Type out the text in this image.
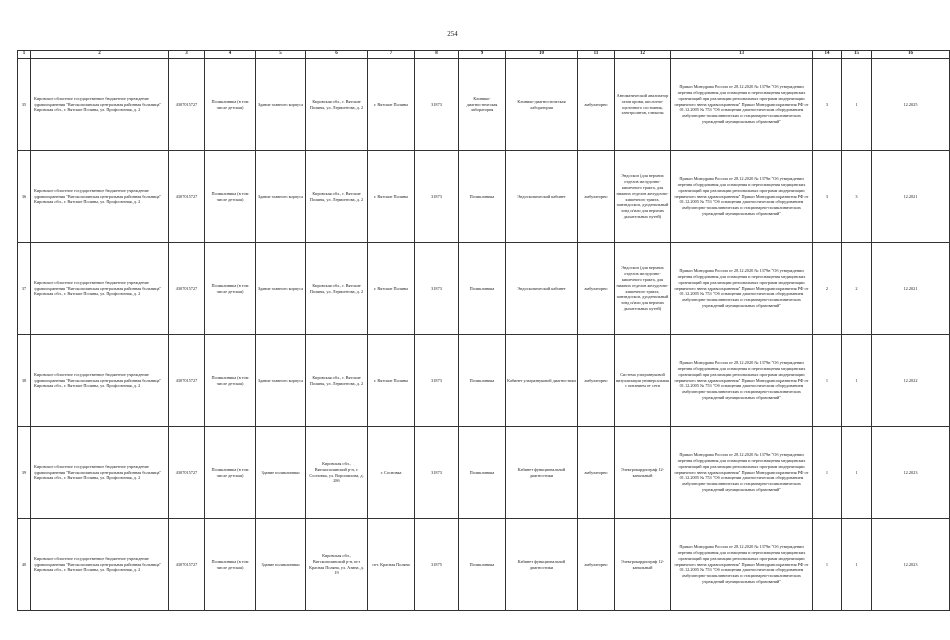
254
1	2	3	4	5	6	7	8	9	10	11	12	13	14	15	16
35	Кировское областное государственное бюджетное учреждение здравоохранения "Вятскополянская центральная районная больница" Кировская обл., г. Вятские Поляны, ул. Профсоюзная, д. 2	4307015727	Поликлиника (в том числе детская)	Здание главного корпуса	Кировская обл., г. Вятские Поляны, ул. Лермонтова, д. 2	г. Вятские Поляны	31873	Клинико-диагностическая лаборатория	Клинико-диагностическая лаборатория	амбулаторно	Автоматический анализатор газов крови, кислотно-щелочного состояния, электролитов, глюкозы	Приказ Минздрава России от 28.12.2020 № 1379н "Об утверждении перечня оборудования для оснащения и переоснащения медицинских организаций при реализации региональных программ модернизации первичного звена здравоохранения" Приказ Минздравсоцразвития РФ от 01.12.2005 № 753 "Об оснащении диагностическим оборудованием амбулаторно-поликлинических и стационарно-поликлинических учреждений муниципальных образований"	3	1	12.2025
36	Кировское областное государственное бюджетное учреждение здравоохранения "Вятскополянская центральная районная больница" Кировская обл., г. Вятские Поляны, ул. Профсоюзная, д. 2	4307015727	Поликлиника (в том числе детская)	Здание главного корпуса	Кировская обл., г. Вятские Поляны, ул. Лермонтова, д. 2	г. Вятские Поляны	31873	Поликлиника	Эндоскопический кабинет	амбулаторно	Эндоскоп (для верхних отделов желудочно-кишечного тракта, для нижних отделов желудочно-кишечного тракта, панэндоскоп, дуоденальный зонд и/или для верхних дыхательных путей)	Приказ Минздрава России от 28.12.2020 № 1379н "Об утверждении перечня оборудования для оснащения и переоснащения медицинских организаций при реализации региональных программ модернизации первичного звена здравоохранения" Приказ Минздравсоцразвития РФ от 01.12.2005 № 753 "Об оснащении диагностическим оборудованием амбулаторно-поликлинических и стационарно-поликлинических учреждений муниципальных образований"	3	3	12.2021
37	Кировское областное государственное бюджетное учреждение здравоохранения "Вятскополянская центральная районная больница" Кировская обл., г. Вятские Поляны, ул. Профсоюзная, д. 2	4307015727	Поликлиника (в том числе детская)	Здание главного корпуса	Кировская обл., г. Вятские Поляны, ул. Лермонтова, д. 2	г. Вятские Поляны	31873	Поликлиника	Эндоскопический кабинет	амбулаторно	Эндоскоп (для верхних отделов желудочно-кишечного тракта, для нижних отделов желудочно-кишечного тракта, панэндоскоп, дуоденальный зонд и/или для верхних дыхательных путей)	Приказ Минздрава России от 28.12.2020 № 1379н "Об утверждении перечня оборудования для оснащения и переоснащения медицинских организаций при реализации региональных программ модернизации первичного звена здравоохранения" Приказ Минздравсоцразвития РФ от 01.12.2005 № 753 "Об оснащении диагностическим оборудованием амбулаторно-поликлинических и стационарно-поликлинических учреждений муниципальных образований"	2	2	12.2021
38	Кировское областное государственное бюджетное учреждение здравоохранения "Вятскополянская центральная районная больница" Кировская обл., г. Вятские Поляны, ул. Профсоюзная, д. 2	4307015727	Поликлиника (в том числе детская)	Здание главного корпуса	Кировская обл., г. Вятские Поляны, ул. Лермонтова, д. 2	г. Вятские Поляны	31873	Поликлиника	Кабинет ультразвуковой диагностики	амбулаторно	Система ультразвуковой визуализации универсальная с питанием от сети	Приказ Минздрава России от 28.12.2020 № 1379н "Об утверждении перечня оборудования для оснащения и переоснащения медицинских организаций при реализации региональных программ модернизации первичного звена здравоохранения" Приказ Минздравсоцразвития РФ от 01.12.2005 № 753 "Об оснащении диагностическим оборудованием амбулаторно-поликлинических и стационарно-поликлинических учреждений муниципальных образований"	1	1	12.2022
39	Кировское областное государственное бюджетное учреждение здравоохранения "Вятскополянская центральная районная больница" Кировская обл., г. Вятские Поляны, ул. Профсоюзная, д. 2	4307015727	Поликлиника (в том числе детская)	Здание поликлиники	Кировская обл., Вятскополянский р-н, г. Сосновка, ул. Ворошилова, д. 28б	г. Сосновка	31873	Поликлиника	Кабинет функциональной диагностики	амбулаторно	Электрокардиограф 12-канальный	Приказ Минздрава России от 28.12.2020 № 1379н "Об утверждении перечня оборудования для оснащения и переоснащения медицинских организаций при реализации региональных программ модернизации первичного звена здравоохранения" Приказ Минздравсоцразвития РФ от 01.12.2005 № 753 "Об оснащении диагностическим оборудованием амбулаторно-поликлинических и стационарно-поликлинических учреждений муниципальных образований"	1	1	12.2023
40	Кировское областное государственное бюджетное учреждение здравоохранения "Вятскополянская центральная районная больница" Кировская обл., г. Вятские Поляны, ул. Профсоюзная, д. 2	4307015727	Поликлиника (в том числе детская)	Здание поликлиники	Кировская обл., Вятскополянский р-н, пгт Красная Поляна, ул. Азина, д. 19	пгт. Красная Поляна	31875	Поликлиника	Кабинет функциональной диагностики	амбулаторно	Электрокардиограф 12-канальный	Приказ Минздрава России от 28.12.2020 № 1379н "Об утверждении перечня оборудования для оснащения и переоснащения медицинских организаций при реализации региональных программ модернизации первичного звена здравоохранения" Приказ Минздравсоцразвития РФ от 01.12.2005 № 753 "Об оснащении диагностическим оборудованием амбулаторно-поликлинических и стационарно-поликлинических учреждений муниципальных образований"	1	1	12.2023
